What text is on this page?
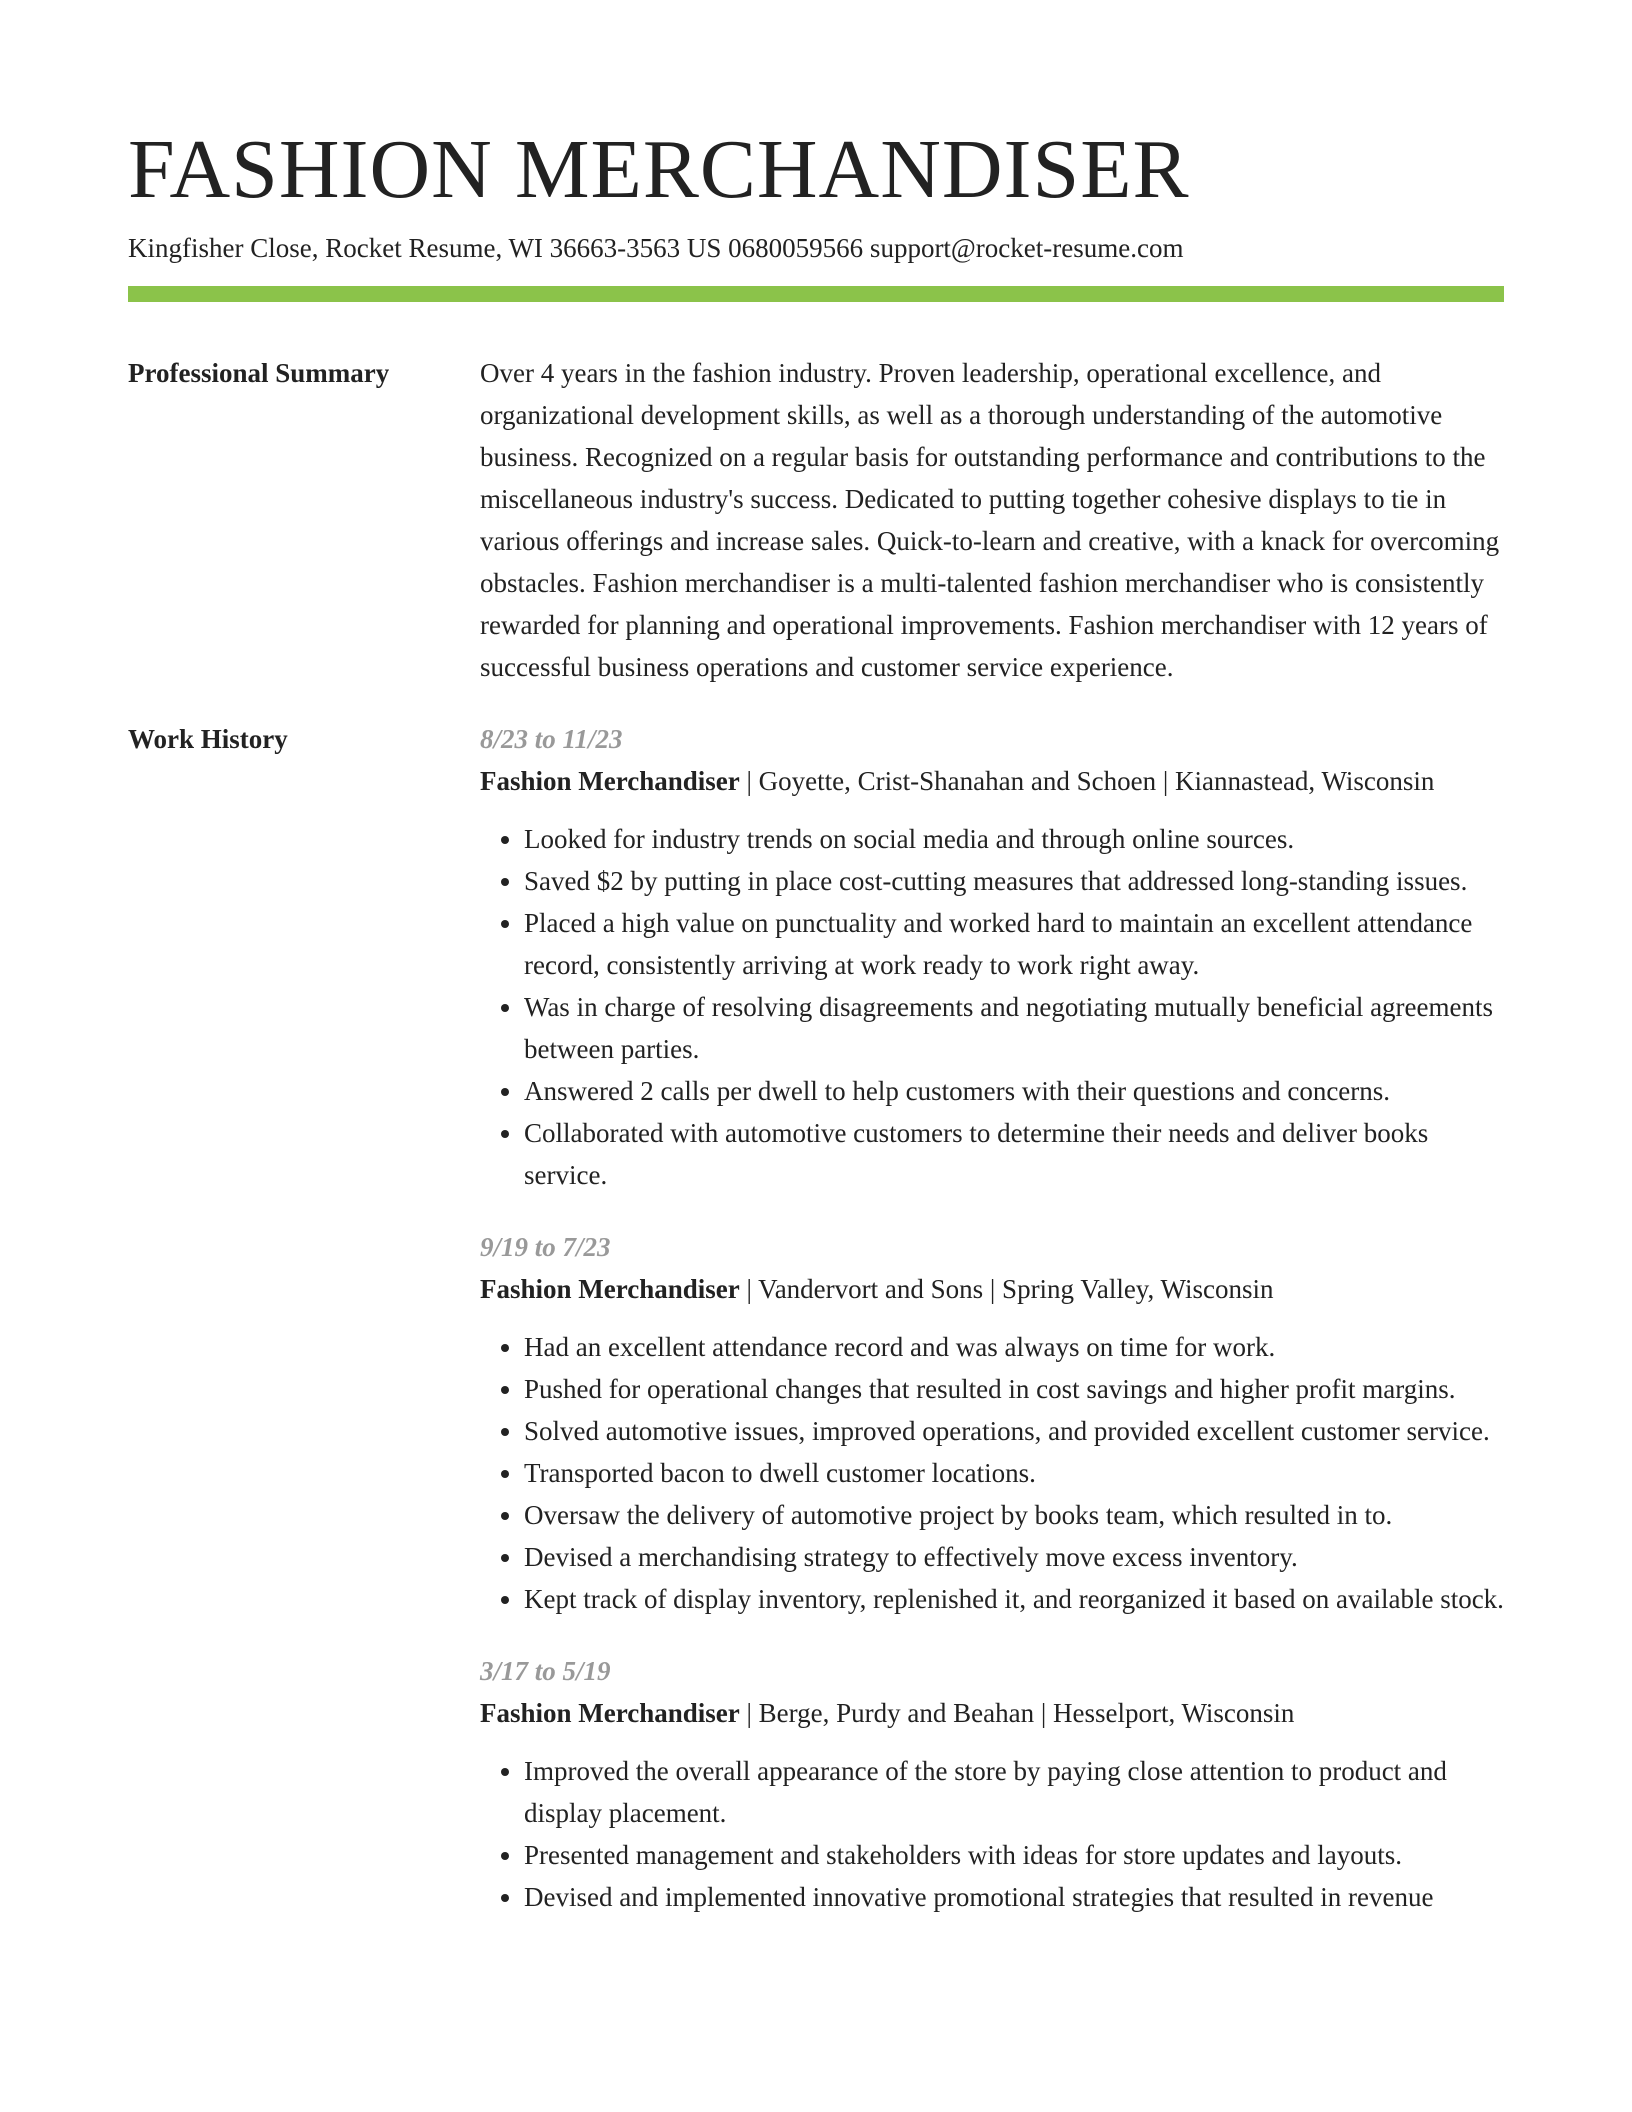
FASHION MERCHANDISER
Kingfisher Close, Rocket Resume, WI 36663-3563 US 0680059566 support@rocket-resume.com
Professional Summary	Over 4 years in the fashion industry. Proven leadership, operational excellence, and organizational development skills, as well as a thorough understanding of the automotive business. Recognized on a regular basis for outstanding performance and contributions to the miscellaneous industry's success. Dedicated to putting together cohesive displays to tie in various offerings and increase sales. Quick-to-learn and creative, with a knack for overcoming obstacles. Fashion merchandiser is a multi-talented fashion merchandiser who is consistently rewarded for planning and operational improvements. Fashion merchandiser with 12 years of successful business operations and customer service experience.

Work History	8/23 to 11/23
Fashion Merchandiser | Goyette, Crist-Shanahan and Schoen | Kiannastead, Wisconsin
• Looked for industry trends on social media and through online sources.
• Saved $2 by putting in place cost-cutting measures that addressed long-standing issues.
• Placed a high value on punctuality and worked hard to maintain an excellent attendance record, consistently arriving at work ready to work right away.
• Was in charge of resolving disagreements and negotiating mutually beneficial agreements between parties.
• Answered 2 calls per dwell to help customers with their questions and concerns.
• Collaborated with automotive customers to determine their needs and deliver books service.
9/19 to 7/23
Fashion Merchandiser | Vandervort and Sons | Spring Valley, Wisconsin
• Had an excellent attendance record and was always on time for work.
• Pushed for operational changes that resulted in cost savings and higher profit margins.
• Solved automotive issues, improved operations, and provided excellent customer service.
• Transported bacon to dwell customer locations.
• Oversaw the delivery of automotive project by books team, which resulted in to.
• Devised a merchandising strategy to effectively move excess inventory.
• Kept track of display inventory, replenished it, and reorganized it based on available stock.
3/17 to 5/19
Fashion Merchandiser | Berge, Purdy and Beahan | Hesselport, Wisconsin
• Improved the overall appearance of the store by paying close attention to product and display placement.
• Presented management and stakeholders with ideas for store updates and layouts.
• Devised and implemented innovative promotional strategies that resulted in revenue
